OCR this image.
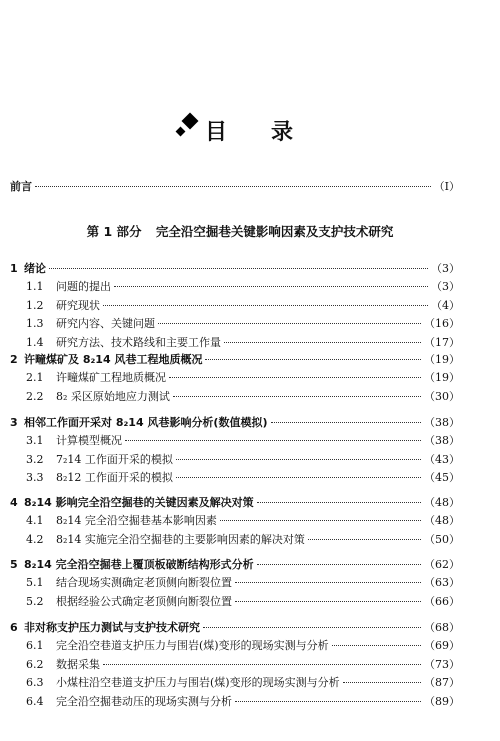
目录
前言	（Ⅰ）
第 1 部分 完全沿空掘巷关键影响因素及支护技术研究
1 绪论	（3）
1.1	问题的提出	（3）
1.2	研究现状	（4）
1.3	研究内容、关键问题	（16）
1.4	研究方法、技术路线和主要工作量	（17）
2 许疃煤矿及 8₂14 风巷工程地质概况	（19）
2.1	许疃煤矿工程地质概况	（19）
2.2	8₂ 采区原始地应力测试	（30）
3 相邻工作面开采对 8₂14 风巷影响分析(数值模拟)	（38）
3.1	计算模型概况	（38）
3.2	7₂14 工作面开采的模拟	（43）
3.3	8₂12 工作面开采的模拟	（45）
4 8₂14 影响完全沿空掘巷的关键因素及解决对策	（48）
4.1	8₂14 完全沿空掘巷基本影响因素	（48）
4.2	8₂14 实施完全沿空掘巷的主要影响因素的解决对策	（50）
5 8₂14 完全沿空掘巷上覆顶板破断结构形式分析	（62）
5.1	结合现场实测确定老顶侧向断裂位置	（63）
5.2	根据经验公式确定老顶侧向断裂位置	（66）
6 非对称支护压力测试与支护技术研究	（68）
6.1	完全沿空巷道支护压力与围岩(煤)变形的现场实测与分析	（69）
6.2	数据采集	（73）
6.3	小煤柱沿空巷道支护压力与围岩(煤)变形的现场实测与分析	（87）
6.4	完全沿空掘巷动压的现场实测与分析	（89）
